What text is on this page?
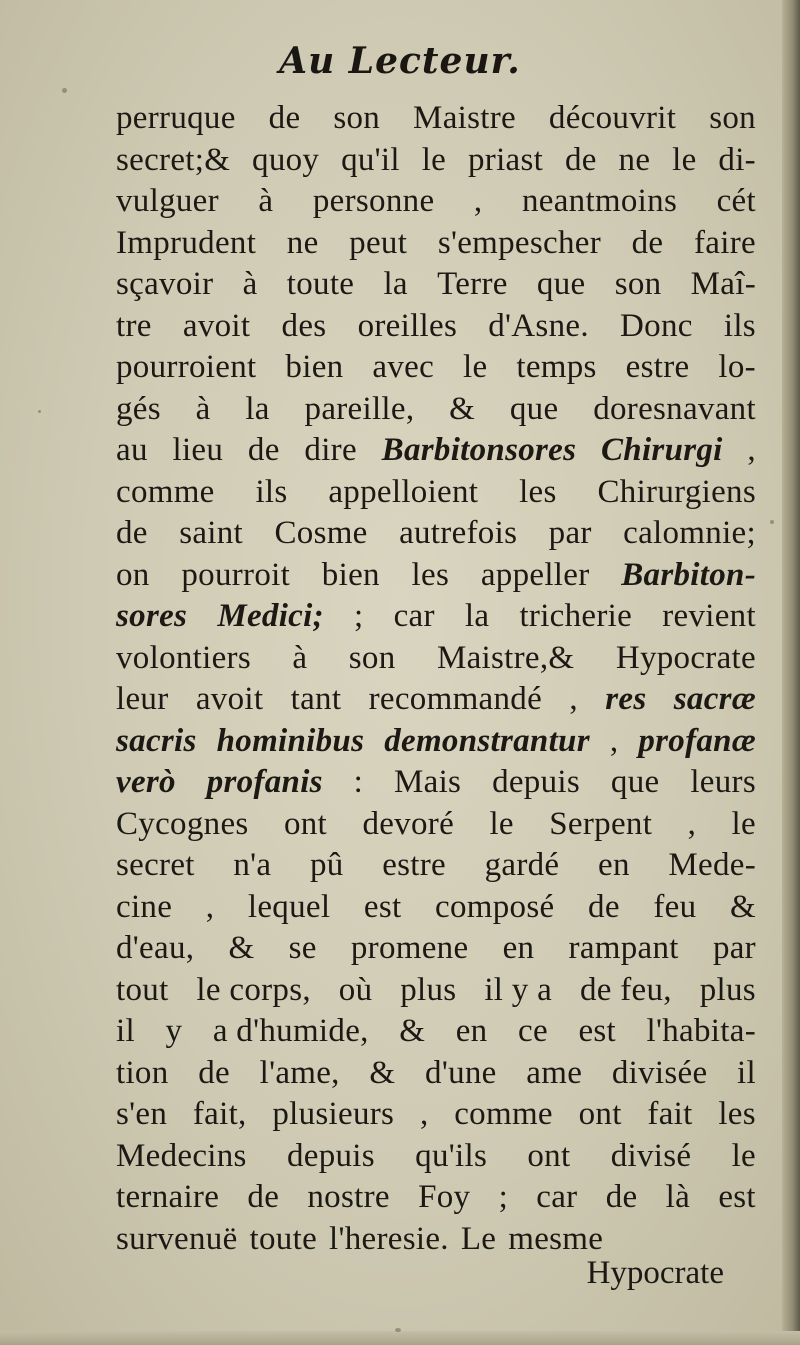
Au Lecteur.
perruque de son Maistre découvrit son
secret;& quoy qu'il le priast de ne le di-
vulguer à personne , neantmoins cét
Imprudent ne peut s'empescher de faire
sçavoir à toute la Terre que son Maî-
tre avoit des oreilles d'Asne. Donc ils
pourroient bien avec le temps estre lo-
gés à la pareille, & que doresnavant
au lieu de dire Barbitonsores Chirurgi ,
comme ils appelloient les Chirurgiens
de saint Cosme autrefois par calomnie;
on pourroit bien les appeller Barbiton-
sores Medici; ; car la tricherie revient
volontiers à son Maistre,& Hypocrate
leur avoit tant recommandé , res sacræ
sacris hominibus demonstrantur , profanæ
verò profanis : Mais depuis que leurs
Cycognes ont devoré le Serpent , le
secret n'a pû estre gardé en Mede-
cine , lequel est composé de feu &
d'eau, & se promene en rampant par
tout le corps, où plus il y a de feu, plus
il y a d'humide, & en ce est l'habita-
tion de l'ame, & d'une ame divisée il
s'en fait, plusieurs , comme ont fait les
Medecins depuis qu'ils ont divisé le
ternaire de nostre Foy ; car de là est
survenuë toute l'heresie. Le mesme
Hypocrate
